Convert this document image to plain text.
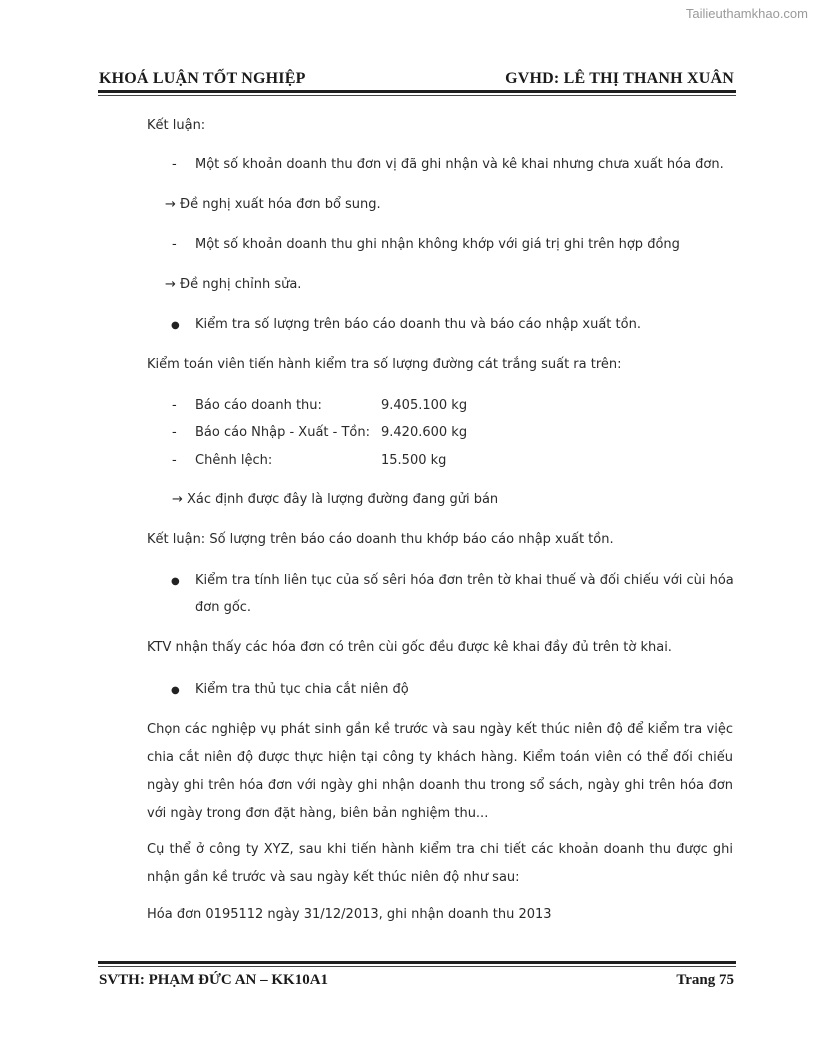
Tailieuthamkhao.com
KHOÁ LUẬN TỐT NGHIỆP	GVHD: LÊ THỊ THANH XUÂN
Kết luận:
- Một số khoản doanh thu đơn vị đã ghi nhận và kê khai nhưng chưa xuất hóa đơn.
→ Đề nghị xuất hóa đơn bổ sung.
- Một số khoản doanh thu ghi nhận không khớp với giá trị ghi trên hợp đồng
→ Đề nghị chỉnh sửa.
● Kiểm tra số lượng trên báo cáo doanh thu và báo cáo nhập xuất tồn.
Kiểm toán viên tiến hành kiểm tra số lượng đường cát trắng suất ra trên:
- Báo cáo doanh thu:	9.405.100 kg
- Báo cáo Nhập - Xuất - Tồn: 9.420.600 kg
- Chênh lệch:	15.500 kg
→ Xác định được đây là lượng đường đang gửi bán
Kết luận: Số lượng trên báo cáo doanh thu khớp báo cáo nhập xuất tồn.
● Kiểm tra tính liên tục của số sêri hóa đơn trên tờ khai thuế và đối chiếu với cùi hóa
đơn gốc.
KTV nhận thấy các hóa đơn có trên cùi gốc đều được kê khai đầy đủ trên tờ khai.
● Kiểm tra thủ tục chia cắt niên độ
Chọn các nghiệp vụ phát sinh gần kề trước và sau ngày kết thúc niên độ để kiểm tra việc chia cắt niên độ được thực hiện tại công ty khách hàng. Kiểm toán viên có thể đối chiếu ngày ghi trên hóa đơn với ngày ghi nhận doanh thu trong sổ sách, ngày ghi trên hóa đơn với ngày trong đơn đặt hàng, biên bản nghiệm thu...
Cụ thể ở công ty XYZ, sau khi tiến hành kiểm tra chi tiết các khoản doanh thu được ghi nhận gần kề trước và sau ngày kết thúc niên độ như sau:
Hóa đơn 0195112 ngày 31/12/2013, ghi nhận doanh thu 2013
SVTH: PHẠM ĐỨC AN – KK10A1	Trang 75
